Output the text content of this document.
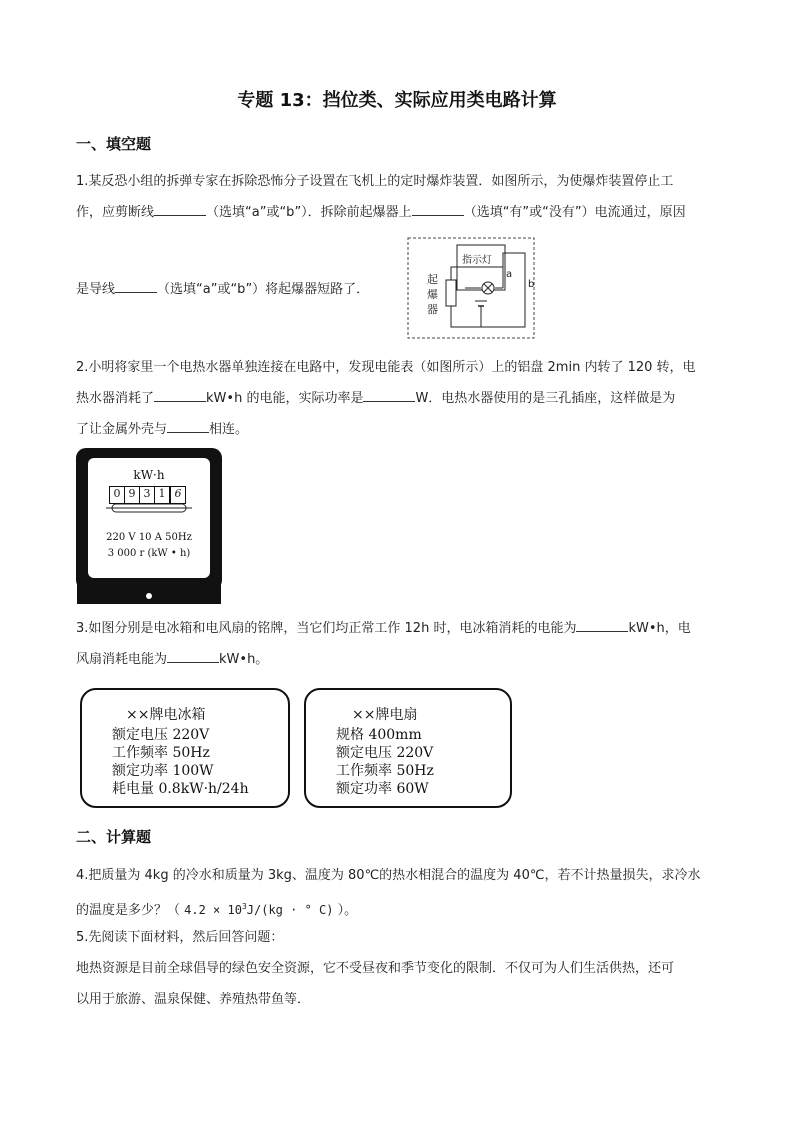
专题 13：挡位类、实际应用类电路计算
一、填空题
1.某反恐小组的拆弹专家在拆除恐怖分子设置在飞机上的定时爆炸装置．如图所示，为使爆炸装置停止工
作，应剪断线	（选填“a”或“b”）．拆除前起爆器上	（选填“有”或“没有”）电流通过，原因
是导线	（选填“a”或“b”）将起爆器短路了．
起
爆
器
指示灯
a
b
2.小明将家里一个电热水器单独连接在电路中，发现电能表（如图所示）上的铝盘 2min 内转了 120 转，电
热水器消耗了	kW•h 的电能，实际功率是	W．电热水器使用的是三孔插座，这样做是为
了让金属外壳与	相连。
kW·h
0 9 3 1 6
220 V 10 A 50Hz
3 000 r (kW • h)
3.如图分别是电冰箱和电风扇的铭牌，当它们均正常工作 12h 时，电冰箱消耗的电能为	kW•h，电
风扇消耗电能为	kW•h。
××牌电冰箱
额定电压 220V
工作频率 50Hz
额定功率 100W
耗电量 0.8kW·h/24h
××牌电扇
规格 400mm
额定电压 220V
工作频率 50Hz
额定功率 60W
二、计算题
4.把质量为 4kg 的冷水和质量为 3kg、温度为 80℃的热水相混合的温度为 40℃，若不计热量损失，求冷水
的温度是多少？（ $4.2 \times 10^3J/(kg$ · ° C) ）。
5.先阅读下面材料，然后回答问题：
地热资源是目前全球倡导的绿色安全资源，它不受昼夜和季节变化的限制．不仅可为人们生活供热，还可
以用于旅游、温泉保健、养殖热带鱼等．
